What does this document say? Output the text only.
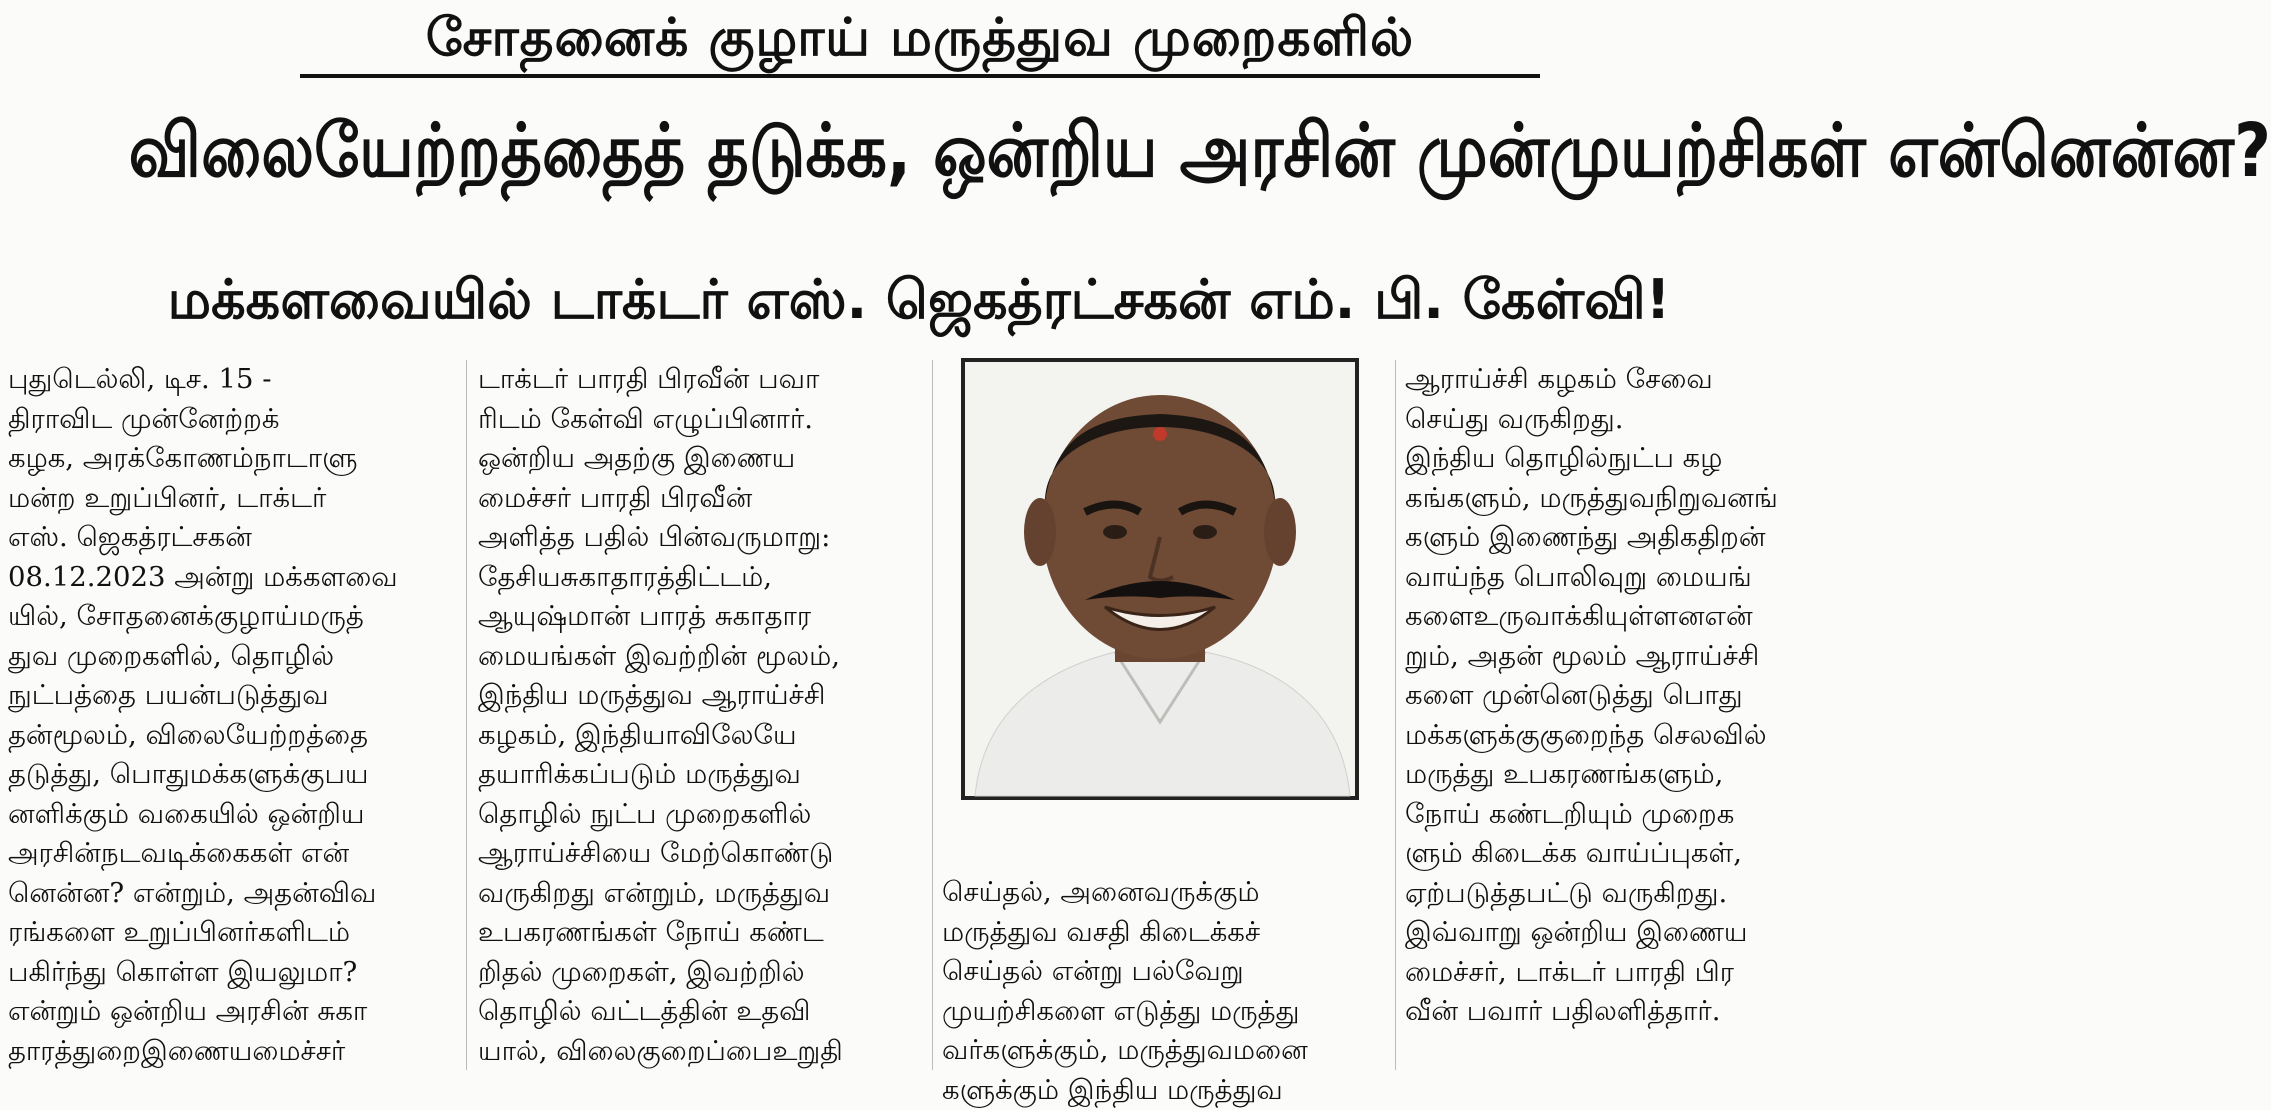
சோதனைக் குழாய் மருத்துவ முறைகளில்
விலையேற்றத்தைத் தடுக்க, ஒன்றிய அரசின் முன்முயற்சிகள் என்னென்ன?
மக்களவையில் டாக்டர் எஸ். ஜெகத்ரட்சகன் எம். பி. கேள்வி!
புதுடெல்லி, டிச. 15 -
திராவிட முன்னேற்றக்
கழக, அரக்கோணம்நாடாளு
மன்ற உறுப்பினர், டாக்டர்
எஸ். ஜெகத்ரட்சகன்
08.12.2023 அன்று மக்களவை
யில், சோதனைக்குழாய்மருத்
துவ முறைகளில், தொழில்
நுட்பத்தை பயன்படுத்துவ
தன்மூலம், விலையேற்றத்தை
தடுத்து, பொதுமக்களுக்குபய
னளிக்கும் வகையில் ஒன்றிய
அரசின்நடவடிக்கைகள் என்
னென்ன? என்றும், அதன்விவ
ரங்களை உறுப்பினர்களிடம்
பகிர்ந்து கொள்ள இயலுமா?
என்றும் ஒன்றிய அரசின் சுகா
தாரத்துறைஇணையமைச்சர்
டாக்டர் பாரதி பிரவீன் பவா
ரிடம் கேள்வி எழுப்பினார்.
ஒன்றிய அதற்கு இணைய
மைச்சர் பாரதி பிரவீன்
அளித்த பதில் பின்வருமாறு:
தேசியசுகாதாரத்திட்டம்,
ஆயுஷ்மான் பாரத் சுகாதார
மையங்கள் இவற்றின் மூலம்,
இந்திய மருத்துவ ஆராய்ச்சி
கழகம், இந்தியாவிலேயே
தயாரிக்கப்படும் மருத்துவ
தொழில் நுட்ப முறைகளில்
ஆராய்ச்சியை மேற்கொண்டு
வருகிறது என்றும், மருத்துவ
உபகரணங்கள் நோய் கண்ட
றிதல் முறைகள், இவற்றில்
தொழில் வட்டத்தின் உதவி
யால், விலைகுறைப்பைஉறுதி
செய்தல், அனைவருக்கும்
மருத்துவ வசதி கிடைக்கச்
செய்தல் என்று பல்வேறு
முயற்சிகளை எடுத்து மருத்து
வர்களுக்கும், மருத்துவமனை
களுக்கும் இந்திய மருத்துவ
ஆராய்ச்சி கழகம் சேவை
செய்து வருகிறது.
இந்திய தொழில்நுட்ப கழ
கங்களும், மருத்துவநிறுவனங்
களும் இணைந்து அதிகதிறன்
வாய்ந்த பொலிவுறு மையங்
களைஉருவாக்கியுள்ளனஎன்
றும், அதன் மூலம் ஆராய்ச்சி
களை முன்னெடுத்து பொது
மக்களுக்குகுறைந்த செலவில்
மருத்து உபகரணங்களும்,
நோய் கண்டறியும் முறைக
ளும் கிடைக்க வாய்ப்புகள்,
ஏற்படுத்தபட்டு வருகிறது.
இவ்வாறு ஒன்றிய இணைய
மைச்சர், டாக்டர் பாரதி பிர
வீன் பவார் பதிலளித்தார்.
